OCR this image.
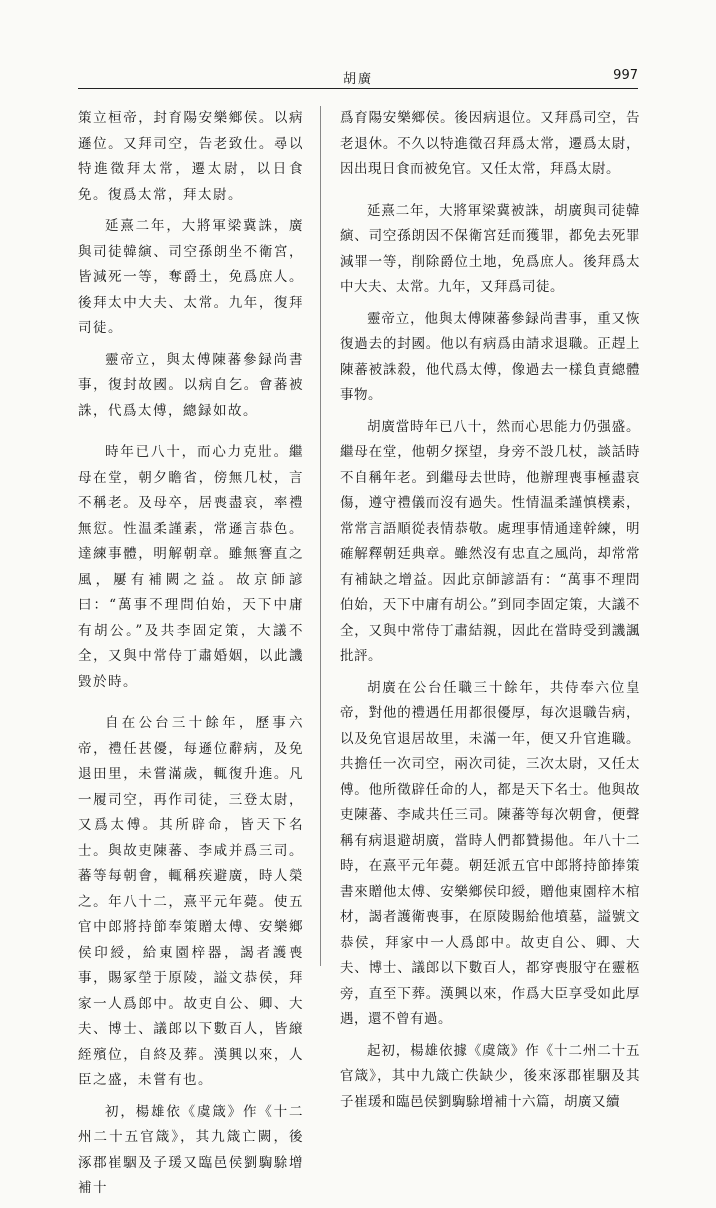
胡廣	997

策立桓帝，封育陽安樂鄉侯。以病遜位。又拜司空，告老致仕。尋以特進徵拜太常，遷太尉，以日食免。復爲太常，拜太尉。

延熹二年，大將軍梁冀誅，廣與司徒韓縯、司空孫朗坐不衛宮，皆減死一等，奪爵土，免爲庶人。後拜太中大夫、太常。九年，復拜司徒。

靈帝立，與太傅陳蕃參録尚書事，復封故國。以病自乞。會蕃被誅，代爲太傅，總録如故。

時年已八十，而心力克壯。繼母在堂，朝夕瞻省，傍無几杖，言不稱老。及母卒，居喪盡哀，率禮無愆。性温柔謹素，常遜言恭色。達練事體，明解朝章。雖無謇直之風，屢有補闕之益。故京師諺曰：“萬事不理問伯始，天下中庸有胡公。”及共李固定策，大議不全，又與中常侍丁肅婚姻，以此譏毀於時。

自在公台三十餘年，歷事六帝，禮任甚優，每遜位辭病，及免退田里，未嘗滿歲，輒復升進。凡一履司空，再作司徒，三登太尉，又爲太傅。其所辟命，皆天下名士。與故吏陳蕃、李咸并爲三司。蕃等每朝會，輒稱疾避廣，時人榮之。年八十二，熹平元年薨。使五官中郎將持節奉策贈太傅、安樂鄉侯印綬，給東園梓器，謁者護喪事，賜冢塋于原陵，謚文恭侯，拜家一人爲郎中。故吏自公、卿、大夫、博士、議郎以下數百人，皆縗絰殯位，自終及葬。漢興以來，人臣之盛，未嘗有也。

初，楊雄依《虞箴》作《十二州二十五官箴》，其九箴亡闕，後涿郡崔駰及子瑗又臨邑侯劉騊駼增補十

爲育陽安樂鄉侯。後因病退位。又拜爲司空，告老退休。不久以特進徵召拜爲太常，遷爲太尉，因出現日食而被免官。又任太常，拜爲太尉。

延熹二年，大將軍梁冀被誅，胡廣與司徒韓縯、司空孫朗因不保衛宮廷而獲罪，都免去死罪減罪一等，削除爵位土地，免爲庶人。後拜爲太中大夫、太常。九年，又拜爲司徒。

靈帝立，他與太傅陳蕃參録尚書事，重又恢復過去的封國。他以有病爲由請求退職。正趕上陳蕃被誅殺，他代爲太傅，像過去一樣負責總體事物。

胡廣當時年已八十，然而心思能力仍强盛。繼母在堂，他朝夕探望，身旁不設几杖，談話時不自稱年老。到繼母去世時，他辦理喪事極盡哀傷，遵守禮儀而沒有過失。性情温柔謹慎樸素，常常言語順從表情恭敬。處理事情通達幹練，明確解釋朝廷典章。雖然沒有忠直之風尚，却常常有補缺之增益。因此京師諺語有：“萬事不理問伯始，天下中庸有胡公。”到同李固定策，大議不全，又與中常侍丁肅結親，因此在當時受到譏諷批評。

胡廣在公台任職三十餘年，共侍奉六位皇帝，對他的禮遇任用都很優厚，每次退職告病，以及免官退居故里，未滿一年，便又升官進職。共擔任一次司空，兩次司徒，三次太尉，又任太傅。他所徵辟任命的人，都是天下名士。他與故吏陳蕃、李咸共任三司。陳蕃等每次朝會，便聲稱有病退避胡廣，當時人們都贊揚他。年八十二時，在熹平元年薨。朝廷派五官中郎將持節捧策書來贈他太傅、安樂鄉侯印綬，贈他東園梓木棺材，謁者護衛喪事，在原陵賜給他墳墓，謚號文恭侯，拜家中一人爲郎中。故吏自公、卿、大夫、博士、議郎以下數百人，都穿喪服守在靈柩旁，直至下葬。漢興以來，作爲大臣享受如此厚遇，還不曾有過。

起初，楊雄依據《虞箴》作《十二州二十五官箴》，其中九箴亡佚缺少，後來涿郡崔駰及其子崔瑗和臨邑侯劉騊駼增補十六篇，胡廣又續
